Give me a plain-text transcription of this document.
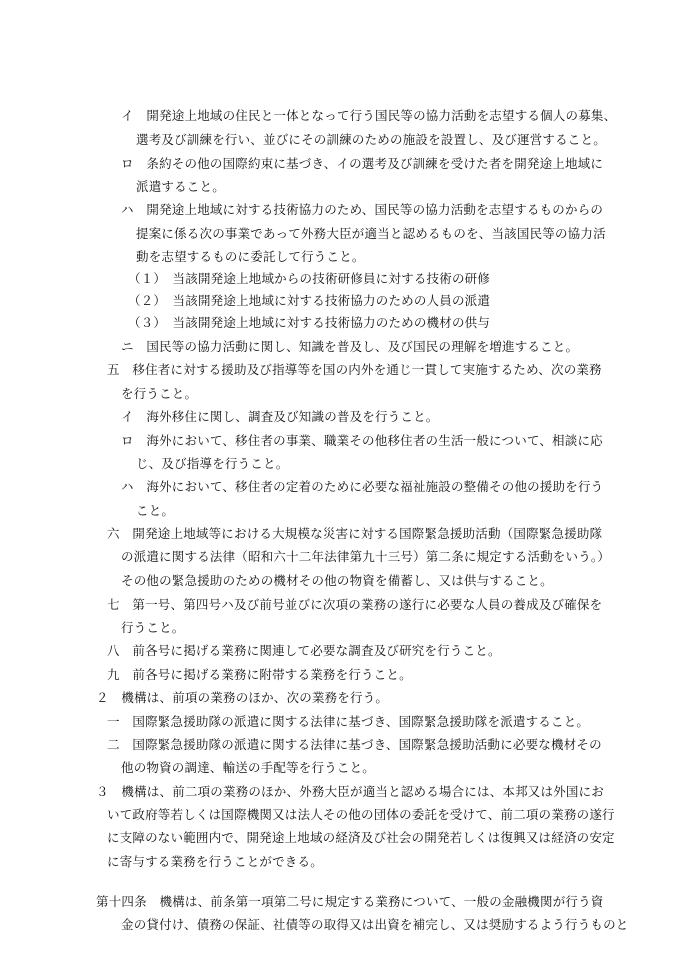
イ　開発途上地域の住民と一体となって行う国民等の協力活動を志望する個人の募集、
選考及び訓練を行い、並びにその訓練のための施設を設置し、及び運営すること。
ロ　条約その他の国際約束に基づき、イの選考及び訓練を受けた者を開発途上地域に
派遣すること。
ハ　開発途上地域に対する技術協力のため、国民等の協力活動を志望するものからの
提案に係る次の事業であって外務大臣が適当と認めるものを、当該国民等の協力活
動を志望するものに委託して行うこと。
（１）　当該開発途上地域からの技術研修員に対する技術の研修
（２）　当該開発途上地域に対する技術協力のための人員の派遣
（３）　当該開発途上地域に対する技術協力のための機材の供与
ニ　国民等の協力活動に関し、知識を普及し、及び国民の理解を増進すること。
五　移住者に対する援助及び指導等を国の内外を通じ一貫して実施するため、次の業務
を行うこと。
イ　海外移住に関し、調査及び知識の普及を行うこと。
ロ　海外において、移住者の事業、職業その他移住者の生活一般について、相談に応
じ、及び指導を行うこと。
ハ　海外において、移住者の定着のために必要な福祉施設の整備その他の援助を行う
こと。
六　開発途上地域等における大規模な災害に対する国際緊急援助活動（国際緊急援助隊
の派遣に関する法律（昭和六十二年法律第九十三号）第二条に規定する活動をいう。）
その他の緊急援助のための機材その他の物資を備蓄し、又は供与すること。
七　第一号、第四号ハ及び前号並びに次項の業務の遂行に必要な人員の養成及び確保を
行うこと。
八　前各号に掲げる業務に関連して必要な調査及び研究を行うこと。
九　前各号に掲げる業務に附帯する業務を行うこと。
２　機構は、前項の業務のほか、次の業務を行う。
一　国際緊急援助隊の派遣に関する法律に基づき、国際緊急援助隊を派遣すること。
二　国際緊急援助隊の派遣に関する法律に基づき、国際緊急援助活動に必要な機材その
他の物資の調達、輸送の手配等を行うこと。
３　機構は、前二項の業務のほか、外務大臣が適当と認める場合には、本邦又は外国にお
いて政府等若しくは国際機関又は法人その他の団体の委託を受けて、前二項の業務の遂行
に支障のない範囲内で、開発途上地域の経済及び社会の開発若しくは復興又は経済の安定
に寄与する業務を行うことができる。
第十四条　機構は、前条第一項第二号に規定する業務について、一般の金融機関が行う資
金の貸付け、債務の保証、社債等の取得又は出資を補完し、又は奨励するよう行うものと
